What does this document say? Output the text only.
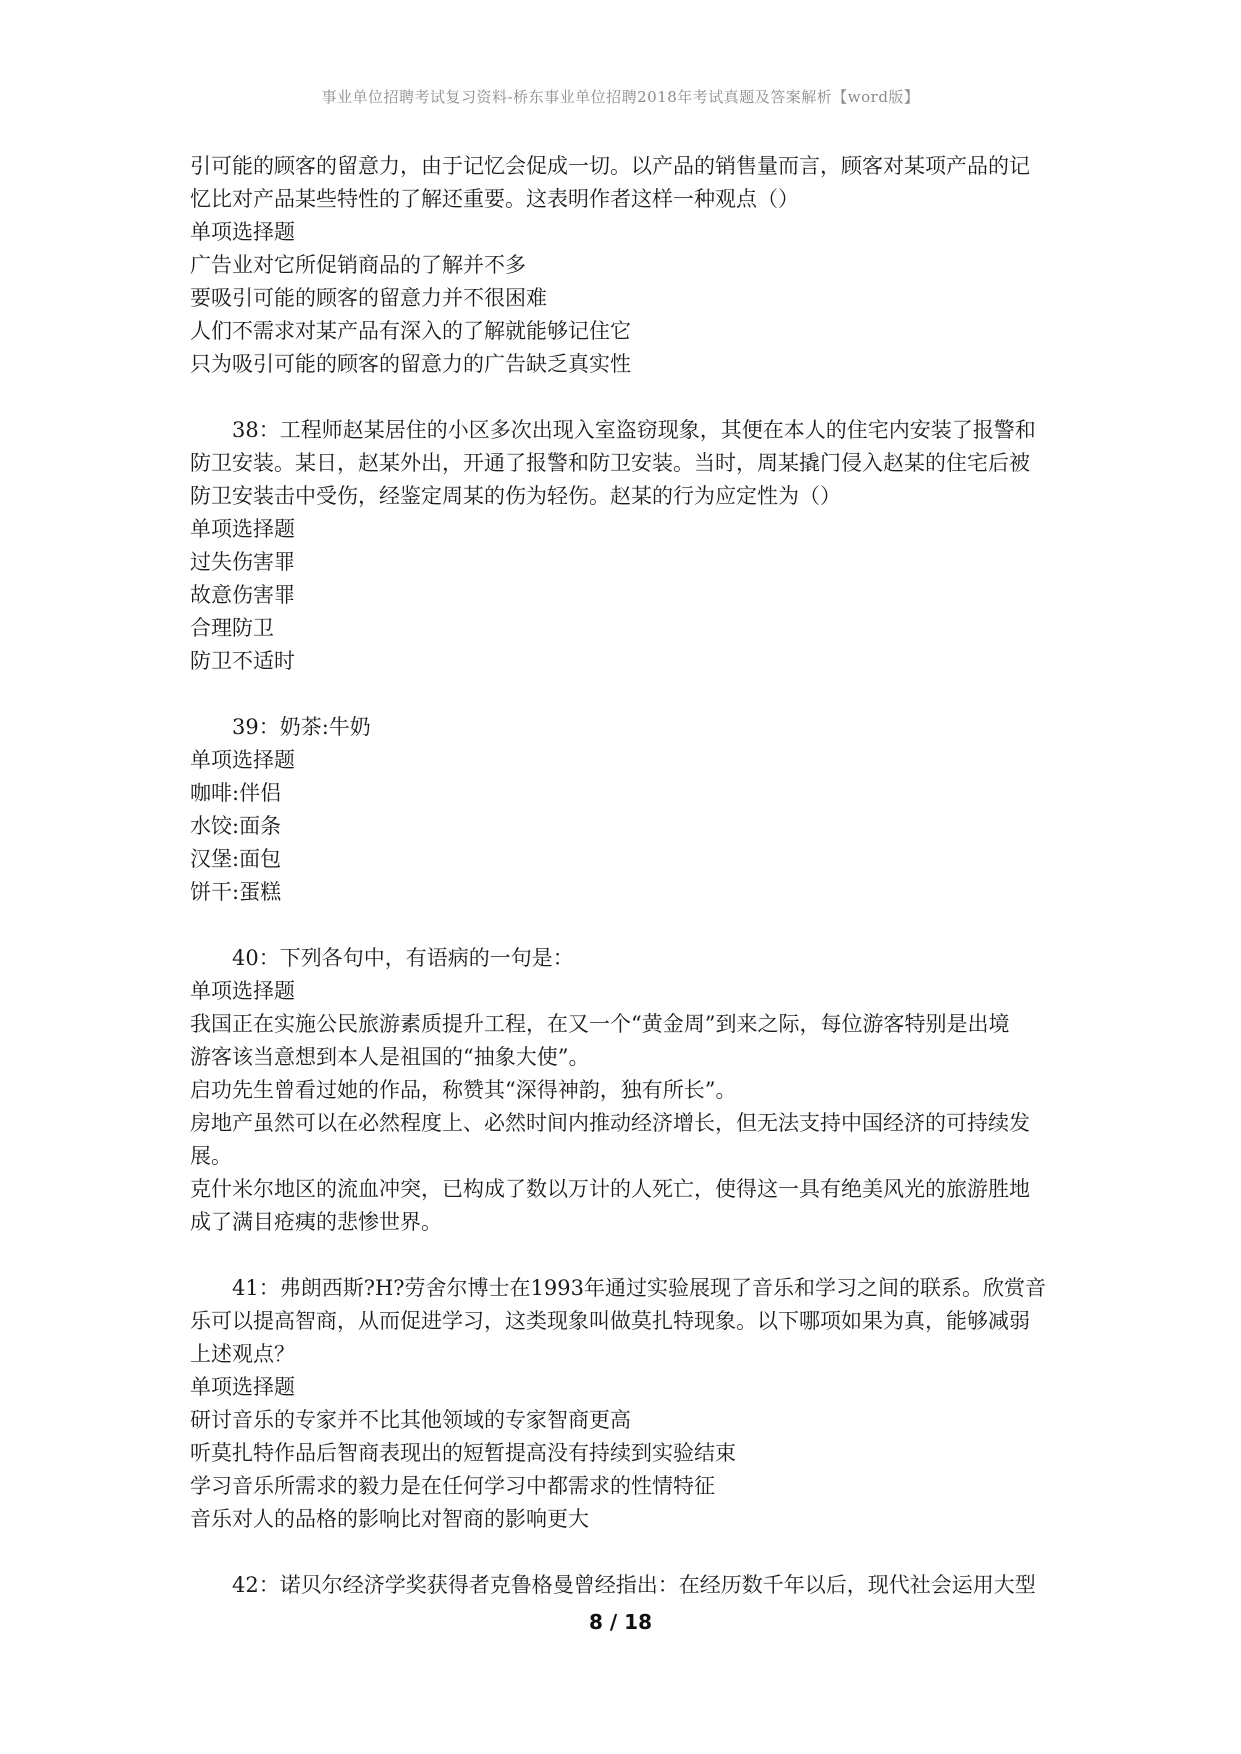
事业单位招聘考试复习资料-桥东事业单位招聘2018年考试真题及答案解析【word版】

引可能的顾客的留意力，由于记忆会促成一切。以产品的销售量而言，顾客对某项产品的记

忆比对产品某些特性的了解还重要。这表明作者这样一种观点（）

单项选择题

广告业对它所促销商品的了解并不多

要吸引可能的顾客的留意力并不很困难

人们不需求对某产品有深入的了解就能够记住它

只为吸引可能的顾客的留意力的广告缺乏真实性

38：工程师赵某居住的小区多次出现入室盗窃现象，其便在本人的住宅内安装了报警和

防卫安装。某日，赵某外出，开通了报警和防卫安装。当时，周某撬门侵入赵某的住宅后被

防卫安装击中受伤，经鉴定周某的伤为轻伤。赵某的行为应定性为（）

单项选择题

过失伤害罪

故意伤害罪

合理防卫

防卫不适时

39：奶茶:牛奶

单项选择题

咖啡:伴侣

水饺:面条

汉堡:面包

饼干:蛋糕

40：下列各句中，有语病的一句是：

单项选择题

我国正在实施公民旅游素质提升工程，在又一个“黄金周”到来之际，每位游客特别是出境
游客该当意想到本人是祖国的“抽象大使”。

启功先生曾看过她的作品，称赞其“深得神韵，独有所长”。

房地产虽然可以在必然程度上、必然时间内推动经济增长，但无法支持中国经济的可持续发
展。

克什米尔地区的流血冲突，已构成了数以万计的人死亡，使得这一具有绝美风光的旅游胜地
成了满目疮痍的悲惨世界。

41：弗朗西斯?H?劳舍尔博士在1993年通过实验展现了音乐和学习之间的联系。欣赏音

乐可以提高智商，从而促进学习，这类现象叫做莫扎特现象。以下哪项如果为真，能够减弱

上述观点？

单项选择题

研讨音乐的专家并不比其他领域的专家智商更高

听莫扎特作品后智商表现出的短暂提高没有持续到实验结束

学习音乐所需求的毅力是在任何学习中都需求的性情特征

音乐对人的品格的影响比对智商的影响更大

42：诺贝尔经济学奖获得者克鲁格曼曾经指出：在经历数千年以后，现代社会运用大型

8 / 18
